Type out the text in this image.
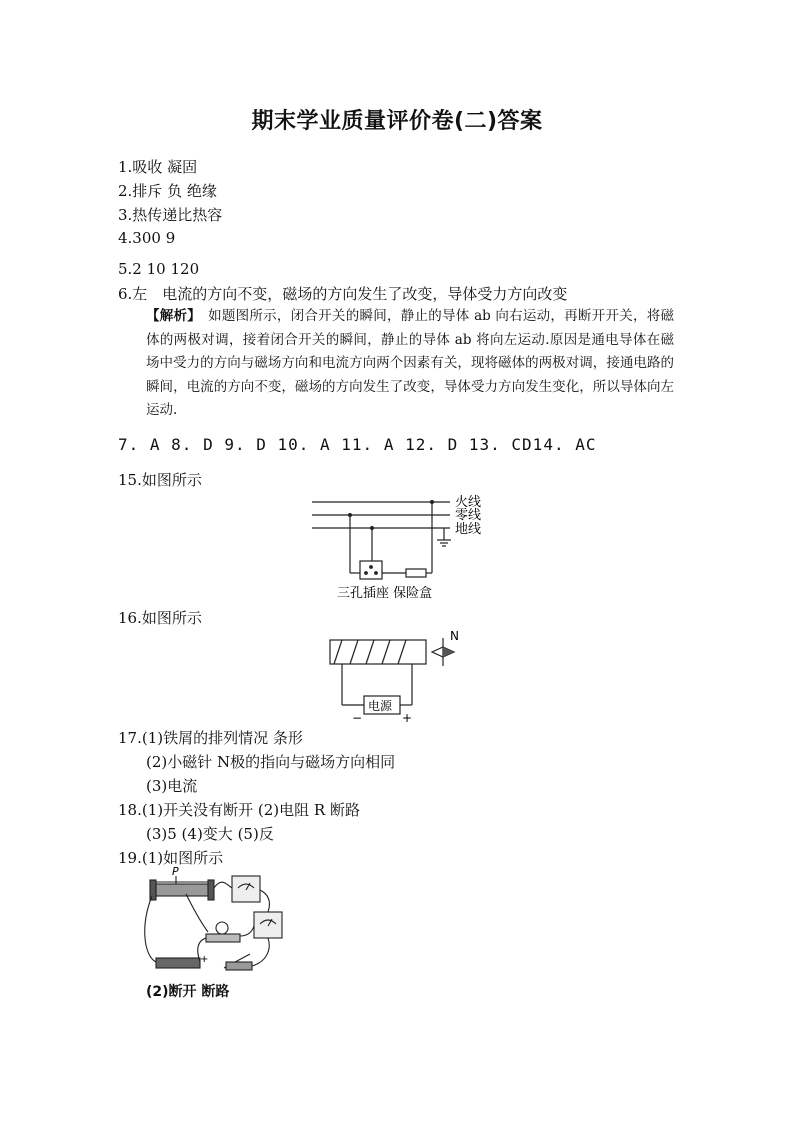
期末学业质量评价卷(二)答案
1.吸收 凝固
2.排斥 负 绝缘
3.热传递比热容
4.300 9
5.2 10 120
6.左　电流的方向不变，磁场的方向发生了改变，导体受力方向改变
【解析】　如题图所示，闭合开关的瞬间，静止的导体 ab 向右运动，再断开开关，将磁体的两极对调，接着闭合开关的瞬间，静止的导体 ab 将向左运动.原因是通电导体在磁场中受力的方向与磁场方向和电流方向两个因素有关，现将磁体的两极对调，接通电路的瞬间，电流的方向不变，磁场的方向发生了改变，导体受力方向发生变化，所以导体向左运动.
7. A 8. D 9. D 10. A 11. A 12. D 13. CD14. AC
15.如图所示
火线
零线
地线
三孔插座 保险盒
16.如图所示
N
电源
−	+
17.(1)铁屑的排列情况 条形
(2)小磁针 N极的指向与磁场方向相同
(3)电流
18.(1)开关没有断开 (2)电阻 R 断路
(3)5 (4)变大 (5)反
19.(1)如图所示
P
+
(2)断开 断路
